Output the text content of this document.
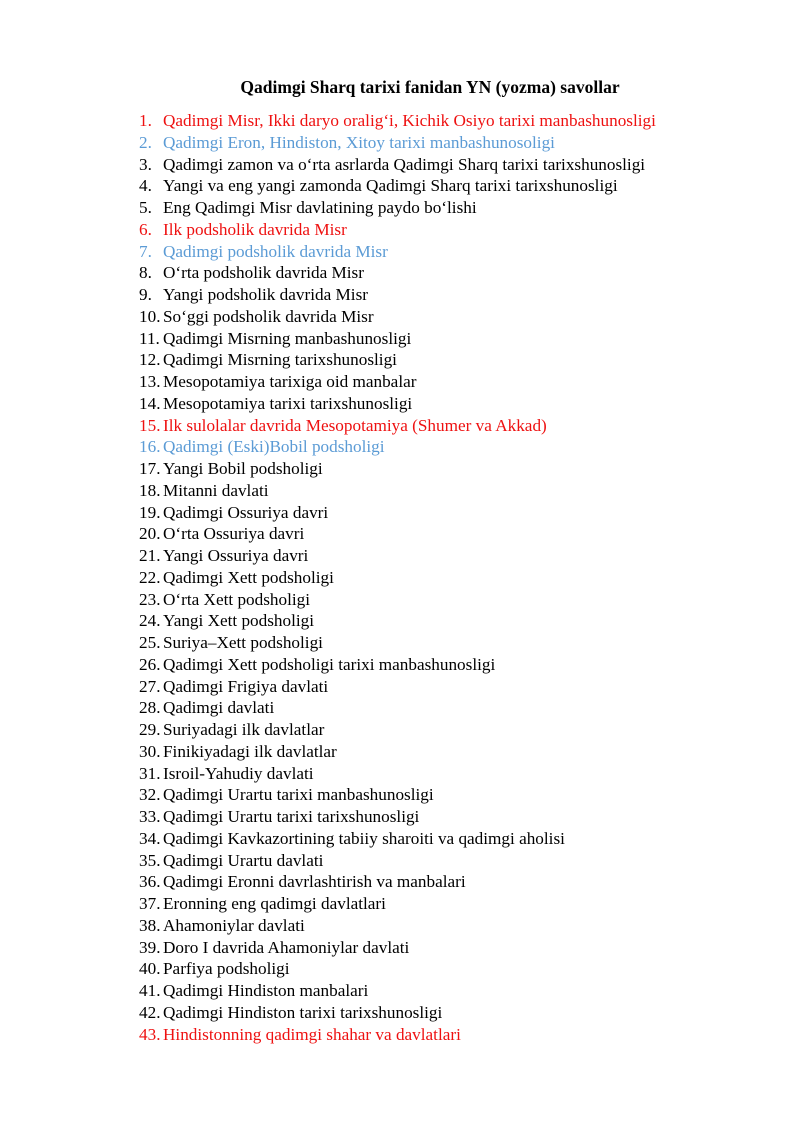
Qadimgi Sharq tarixi fanidan YN (yozma) savollar
1. Qadimgi Misr, Ikki daryo oralig‘i, Kichik Osiyo tarixi manbashunosligi
2. Qadimgi Eron, Hindiston, Xitoy tarixi manbashunosoligi
3. Qadimgi zamon va o‘rta asrlarda Qadimgi Sharq tarixi tarixshunosligi
4. Yangi va eng yangi zamonda Qadimgi Sharq tarixi tarixshunosligi
5. Eng Qadimgi Misr davlatining paydo bo‘lishi
6. Ilk podsholik davrida Misr
7. Qadimgi podsholik davrida Misr
8. O‘rta podsholik davrida Misr
9. Yangi podsholik davrida Misr
10. So‘ggi podsholik davrida Misr
11. Qadimgi Misrning manbashunosligi
12. Qadimgi Misrning tarixshunosligi
13. Mesopotamiya tarixiga oid manbalar
14. Mesopotamiya tarixi tarixshunosligi
15. Ilk sulolalar davrida Mesopotamiya (Shumer va Akkad)
16. Qadimgi (Eski)Bobil podsholigi
17. Yangi Bobil podsholigi
18. Mitanni davlati
19. Qadimgi Ossuriya davri
20. O‘rta Ossuriya davri
21. Yangi Ossuriya davri
22. Qadimgi Xett podsholigi
23. O‘rta Xett podsholigi
24. Yangi Xett podsholigi
25. Suriya–Xett podsholigi
26. Qadimgi Xett podsholigi tarixi manbashunosligi
27. Qadimgi Frigiya davlati
28. Qadimgi davlati
29. Suriyadagi ilk davlatlar
30. Finikiyadagi ilk davlatlar
31. Isroil-Yahudiy davlati
32. Qadimgi Urartu tarixi manbashunosligi
33. Qadimgi Urartu tarixi tarixshunosligi
34. Qadimgi Kavkazortining tabiiy sharoiti va qadimgi aholisi
35. Qadimgi Urartu davlati
36. Qadimgi Eronni davrlashtirish va manbalari
37. Eronning eng qadimgi davlatlari
38. Ahamoniylar davlati
39. Doro I davrida Ahamoniylar davlati
40. Parfiya podsholigi
41. Qadimgi Hindiston manbalari
42. Qadimgi Hindiston tarixi tarixshunosligi
43. Hindistonning qadimgi shahar va davlatlari
